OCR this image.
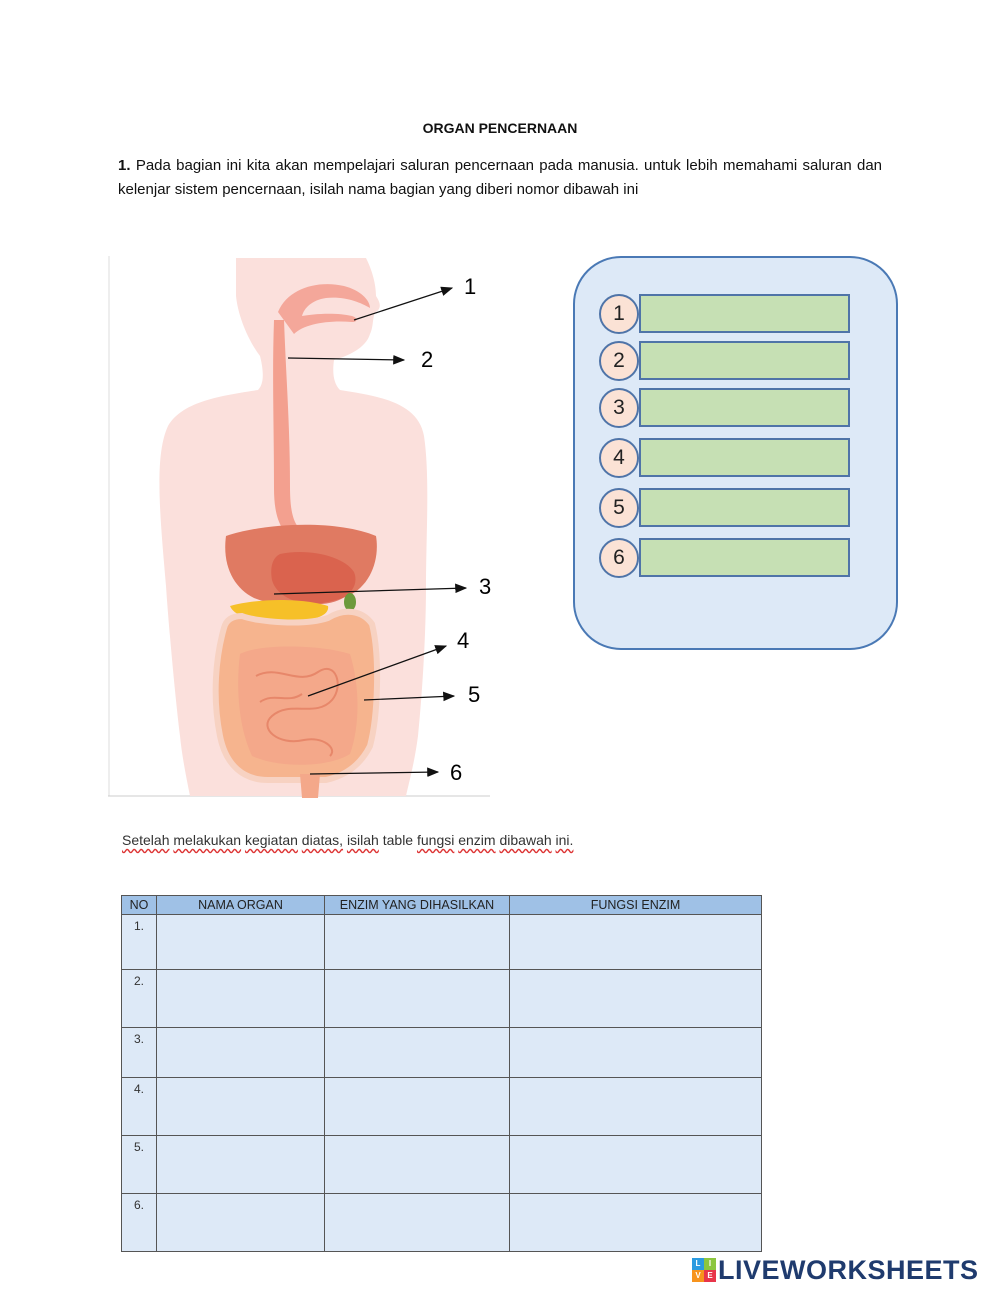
ORGAN PENCERNAAN
1. Pada bagian ini kita akan mempelajari saluran pencernaan pada manusia. untuk lebih memahami saluran dan kelenjar sistem pencernaan, isilah nama bagian yang diberi nomor dibawah ini
1
2
3
4
5
6
1
2
3
4
5
6
Setelah melakukan kegiatan diatas, isilah table fungsi enzim dibawah ini.
NO	NAMA ORGAN	ENZIM YANG DIHASILKAN	FUNGSI ENZIM
1.			
2.			
3.			
4.			
5.			
6.			
L	I
V E LIVEWORKSHEETS
